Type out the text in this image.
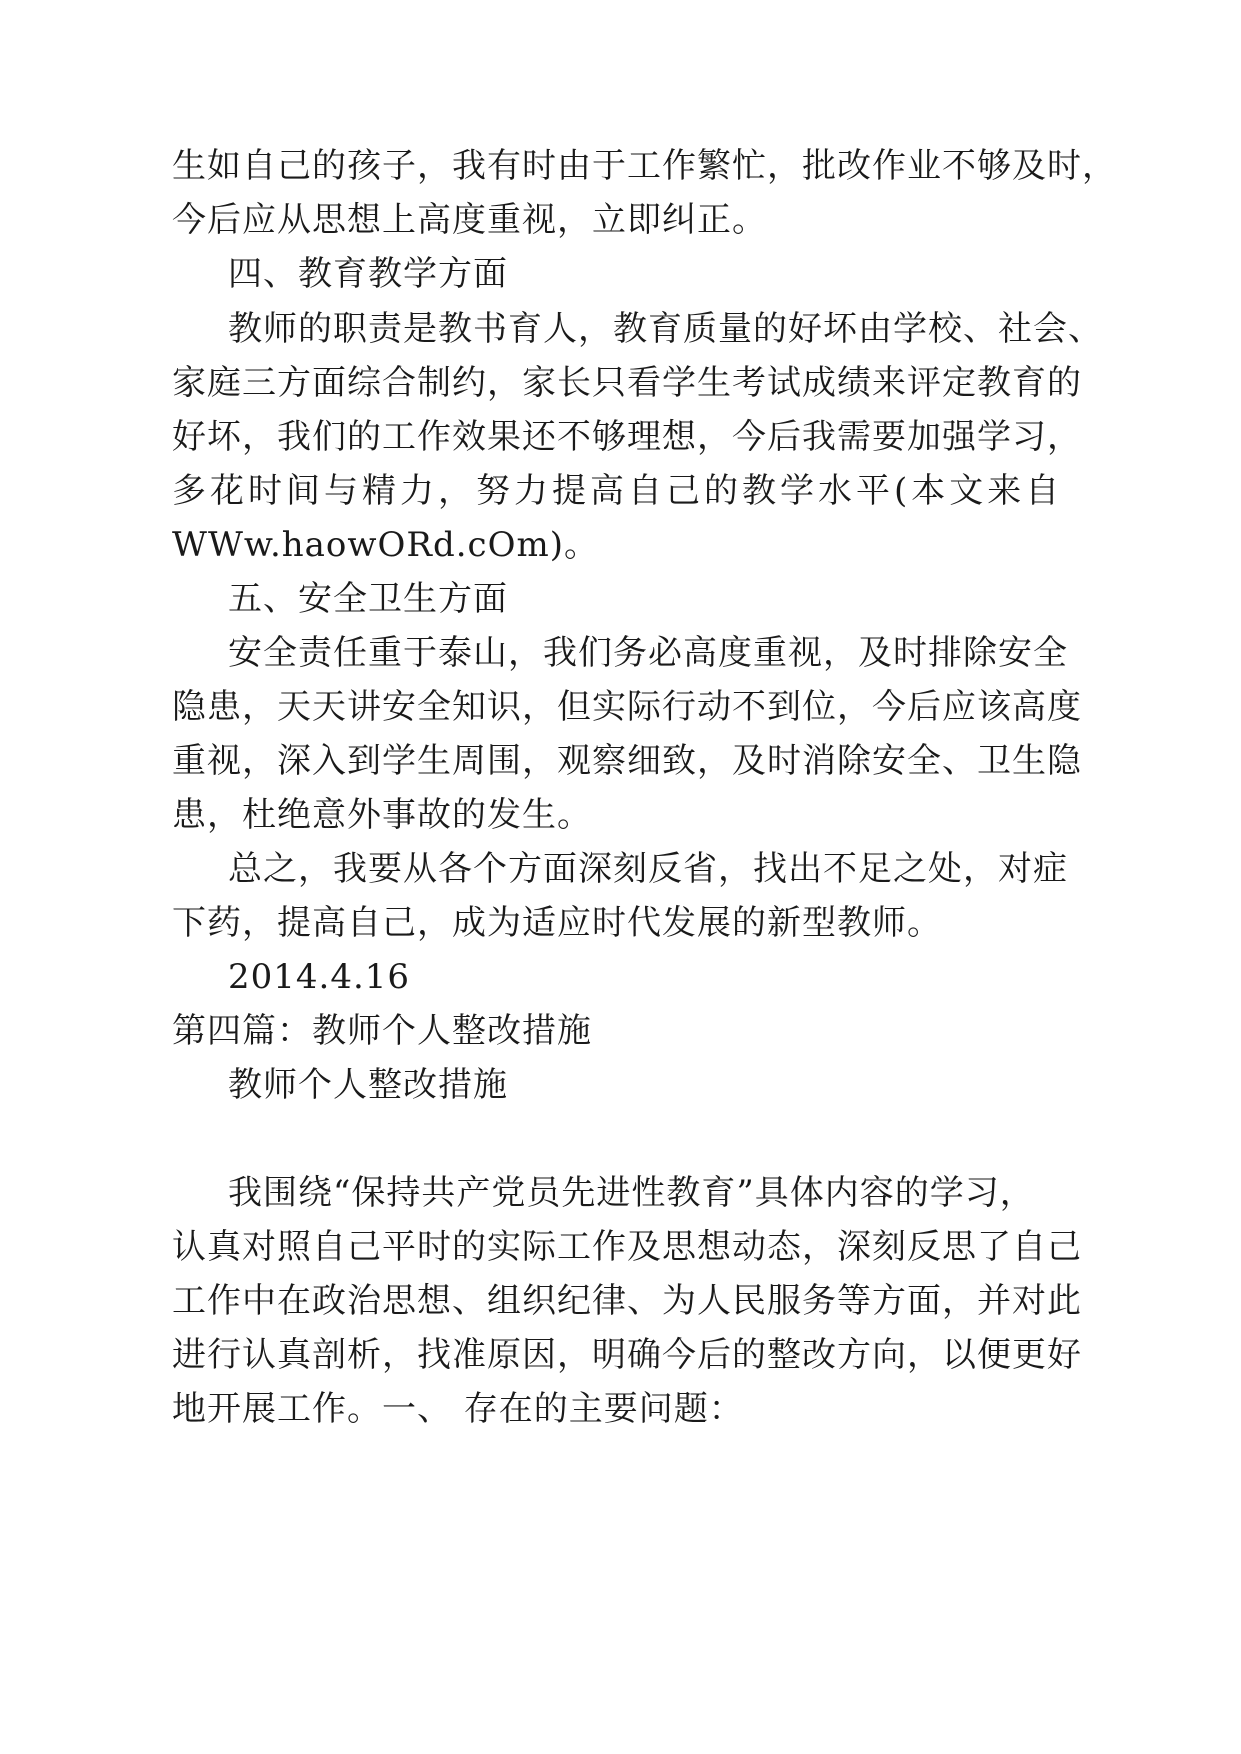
生如自己的孩子，我有时由于工作繁忙，批改作业不够及时，
今后应从思想上高度重视，立即纠正。
四、教育教学方面
教师的职责是教书育人，教育质量的好坏由学校、社会、
家庭三方面综合制约，家长只看学生考试成绩来评定教育的
好坏，我们的工作效果还不够理想，今后我需要加强学习，
多花时间与精力，努力提高自己的教学水平(本文来自
WWw.haowORd.cOm)。
五、安全卫生方面
安全责任重于泰山，我们务必高度重视，及时排除安全
隐患，天天讲安全知识，但实际行动不到位，今后应该高度
重视，深入到学生周围，观察细致，及时消除安全、卫生隐
患，杜绝意外事故的发生。
总之，我要从各个方面深刻反省，找出不足之处，对症
下药，提高自己，成为适应时代发展的新型教师。
2014.4.16
第四篇：教师个人整改措施
教师个人整改措施
我围绕“保持共产党员先进性教育”具体内容的学习，
认真对照自己平时的实际工作及思想动态，深刻反思了自己
工作中在政治思想、组织纪律、为人民服务等方面，并对此
进行认真剖析，找准原因，明确今后的整改方向，以便更好
地开展工作。一、 存在的主要问题：
